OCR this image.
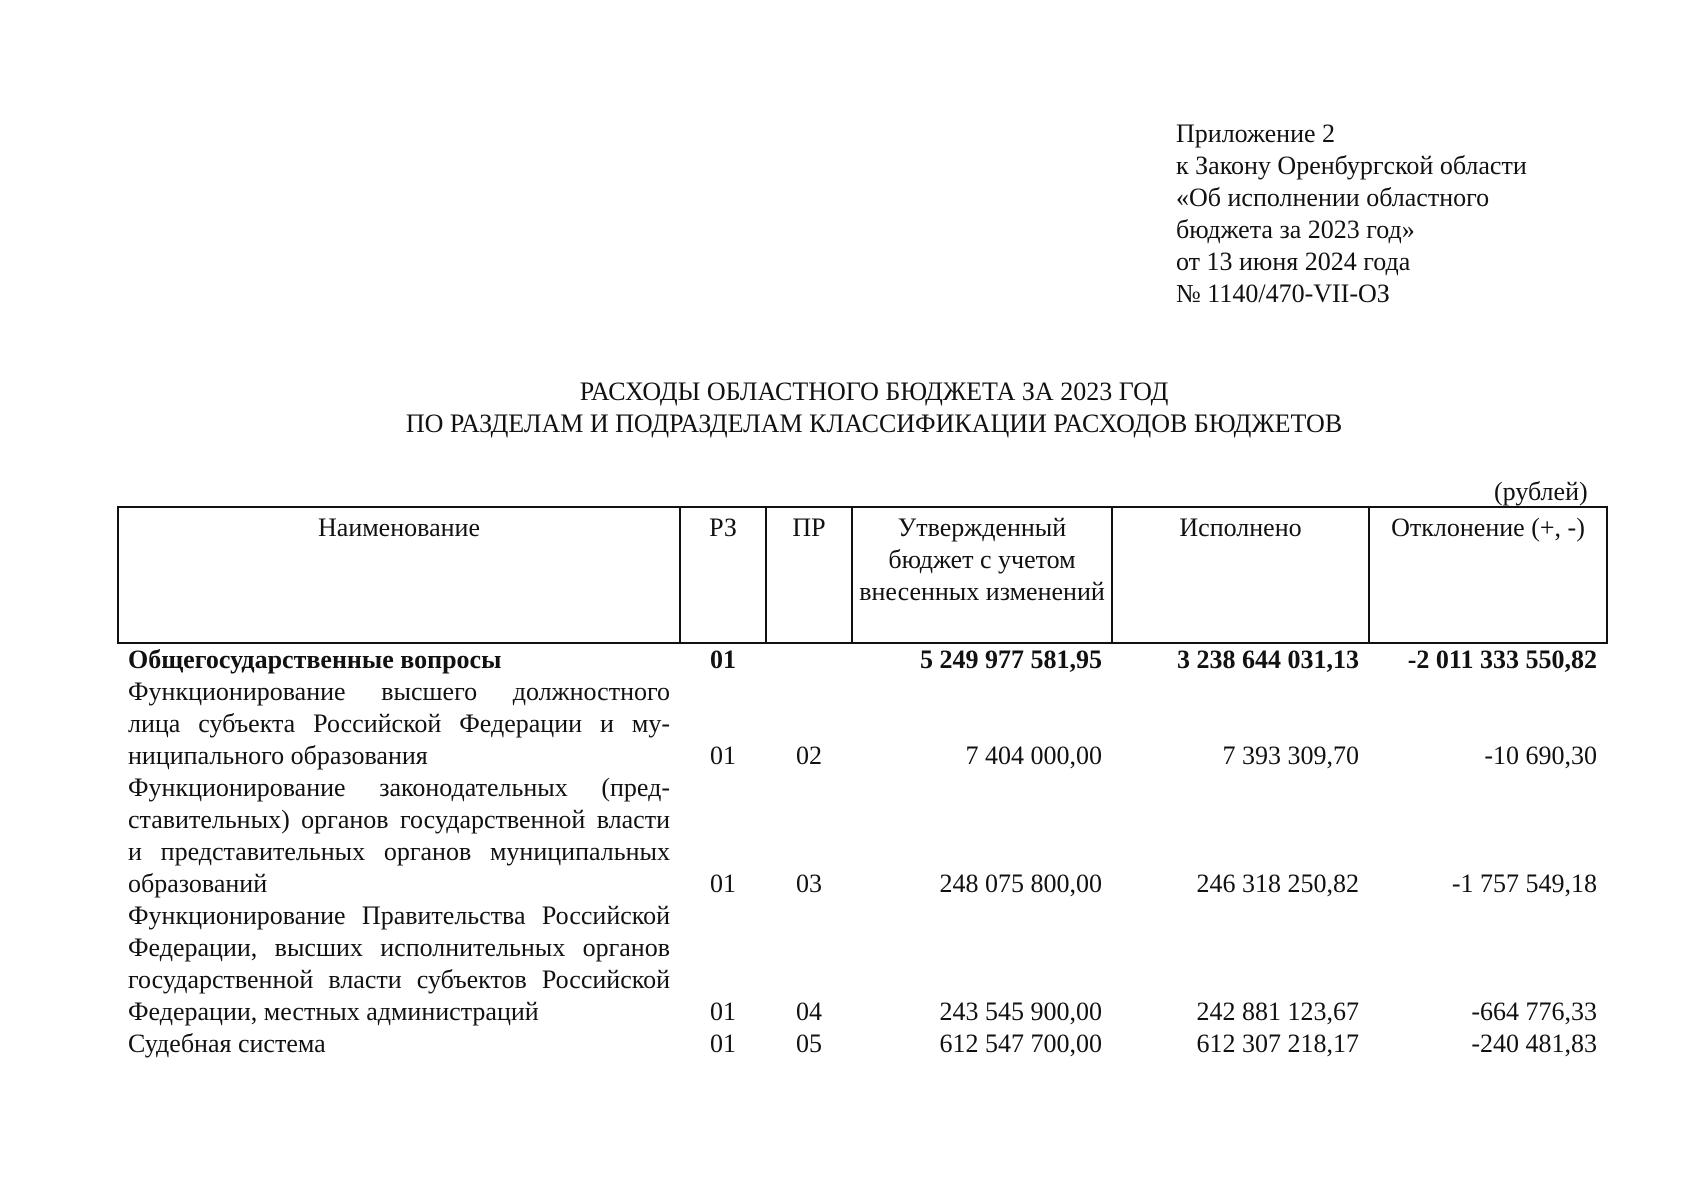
Приложение 2
к Закону Оренбургской области
«Об исполнении областного
бюджета за 2023 год»
от 13 июня 2024 года
№ 1140/470-VII-ОЗ
РАСХОДЫ ОБЛАСТНОГО БЮДЖЕТА ЗА 2023 ГОД
ПО РАЗДЕЛАМ И ПОДРАЗДЕЛАМ КЛАССИФИКАЦИИ РАСХОДОВ БЮДЖЕТОВ
(рублей)
Наименование	РЗ	ПР	Утвержденный бюджет с учетом внесенных изменений	Исполнено	Отклонение (+, -)
Общегосударственные вопросы	01		5 249 977 581,95	3 238 644 031,13	-2 011 333 550,82
Функционирование высшего должностного лица субъекта Российской Федерации и муниципального образования	01	02	7 404 000,00	7 393 309,70	-10 690,30
Функционирование законодательных (представительных) органов государственной власти и представительных органов муниципальных образований	01	03	248 075 800,00	246 318 250,82	-1 757 549,18
Функционирование Правительства Российской Федерации, высших исполнительных органов государственной власти субъектов Российской Федерации, местных администраций	01	04	243 545 900,00	242 881 123,67	-664 776,33
Судебная система	01	05	612 547 700,00	612 307 218,17	-240 481,83
